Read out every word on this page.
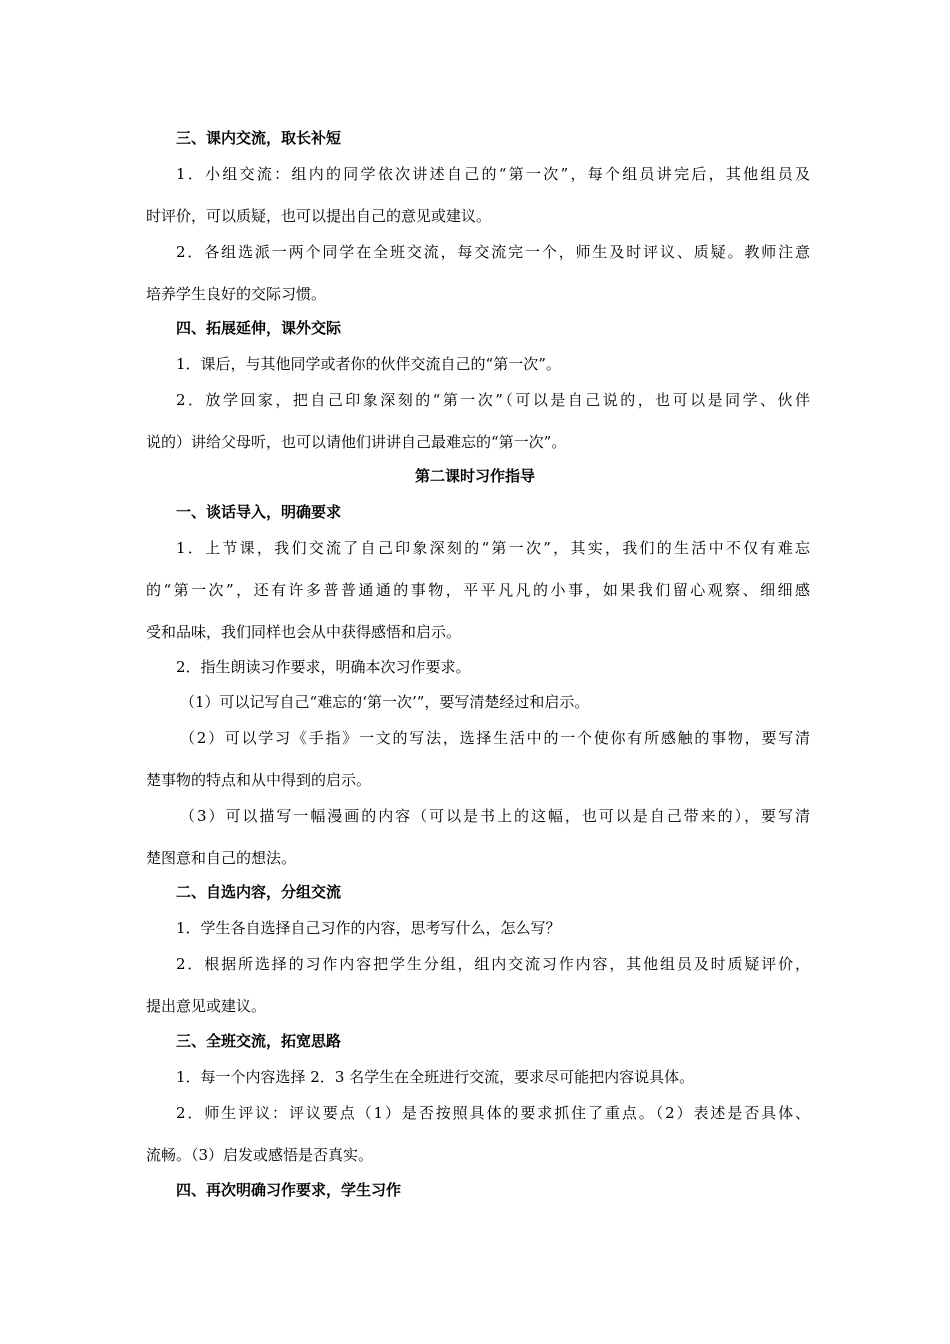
三、课内交流，取长补短
1．小组交流：组内的同学依次讲述自己的“第一次”，每个组员讲完后，其他组员及
时评价，可以质疑，也可以提出自己的意见或建议。
2．各组选派一两个同学在全班交流，每交流完一个，师生及时评议、质疑。教师注意
培养学生良好的交际习惯。
四、拓展延伸，课外交际
1．课后，与其他同学或者你的伙伴交流自己的“第一次”。
2．放学回家，把自己印象深刻的“第一次”（可以是自己说的，也可以是同学、伙伴
说的）讲给父母听，也可以请他们讲讲自己最难忘的“第一次”。
第二课时习作指导
一、谈话导入，明确要求
1．上节课，我们交流了自己印象深刻的“第一次”，其实，我们的生活中不仅有难忘
的“第一次”，还有许多普普通通的事物，平平凡凡的小事，如果我们留心观察、细细感
受和品味，我们同样也会从中获得感悟和启示。
2．指生朗读习作要求，明确本次习作要求。
（1）可以记写自己“难忘的‘第一次’”，要写清楚经过和启示。
（2）可以学习《手指》一文的写法，选择生活中的一个使你有所感触的事物，要写清
楚事物的特点和从中得到的启示。
（3）可以描写一幅漫画的内容（可以是书上的这幅，也可以是自己带来的），要写清
楚图意和自己的想法。
二、自选内容，分组交流
1．学生各自选择自己习作的内容，思考写什么，怎么写？
2．根据所选择的习作内容把学生分组，组内交流习作内容，其他组员及时质疑评价，
提出意见或建议。
三、全班交流，拓宽思路
1．每一个内容选择 2．3 名学生在全班进行交流，要求尽可能把内容说具体。
2．师生评议：评议要点（1）是否按照具体的要求抓住了重点。（2）表述是否具体、
流畅。（3）启发或感悟是否真实。
四、再次明确习作要求，学生习作
